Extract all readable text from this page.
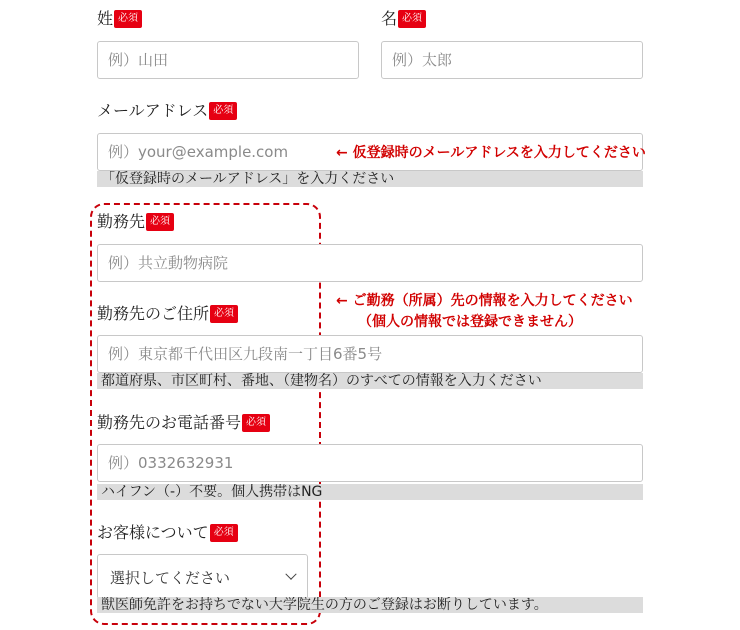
姓 必須
例）山田	名 必須
例）太郎
メールアドレス 必須
例）your@example.com
「仮登録時のメールアドレス」を入力ください
← 仮登録時のメールアドレスを入力してください
勤務先 必須
例）共立動物病院
勤務先のご住所 必須
例）東京都千代田区九段南一丁目6番5号
都道府県、市区町村、番地、（建物名）のすべての情報を入力ください
← ご勤務（所属）先の情報を入力してください
（個人の情報では登録できません）
勤務先のお電話番号 必須
例）0332632931
ハイフン（-）不要。個人携帯はNG
お客様について 必須
選択してください
獣医師免許をお持ちでない大学院生の方のご登録はお断りしています。
